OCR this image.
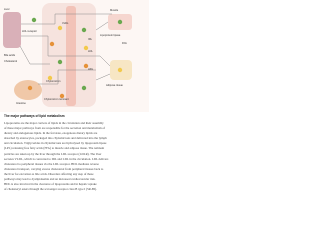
Liver
Intestine
Muscle
Adipose tissue
LDL receptor
LDL
IDL
VLDL
HDL
Chylomicron
Chylomicron remnant
Lipoprotein lipase
FFA
Bile acids
Cholesterol
The major pathways of lipid metabolism
Lipoproteins are the major carriers of lipids in the circulation and their assembly
of these major pathways from are responsible for the secretion and metabolism of
dietary and endogenous lipids. In the fed state, exogenous dietary lipids are
absorbed by enterocytes, packaged into chylomicrons and delivered into the lymph
and circulation. Triglycerides in chylomicrons are hydrolysed by lipoprotein lipase
(LPL) releasing free fatty acids (FFA) to muscle and adipose tissue. The remnant
particles are taken up by the liver through the LDL receptor (LDLR). The liver
secretes VLDL, which is converted to IDL and LDL in the circulation. LDL delivers
cholesterol to peripheral tissues via the LDL receptor. HDL mediates reverse
cholesterol transport, carrying excess cholesterol from peripheral tissues back to
the liver for excretion as bile acids. Disorders affecting any step of these
pathways may lead to dyslipidaemia and an increased cardiovascular risk.
HDL is also involved in the clearance of lipoproteins and in hepatic uptake
of cholesteryl esters through the scavenger receptor class B type I (SR-BI).
